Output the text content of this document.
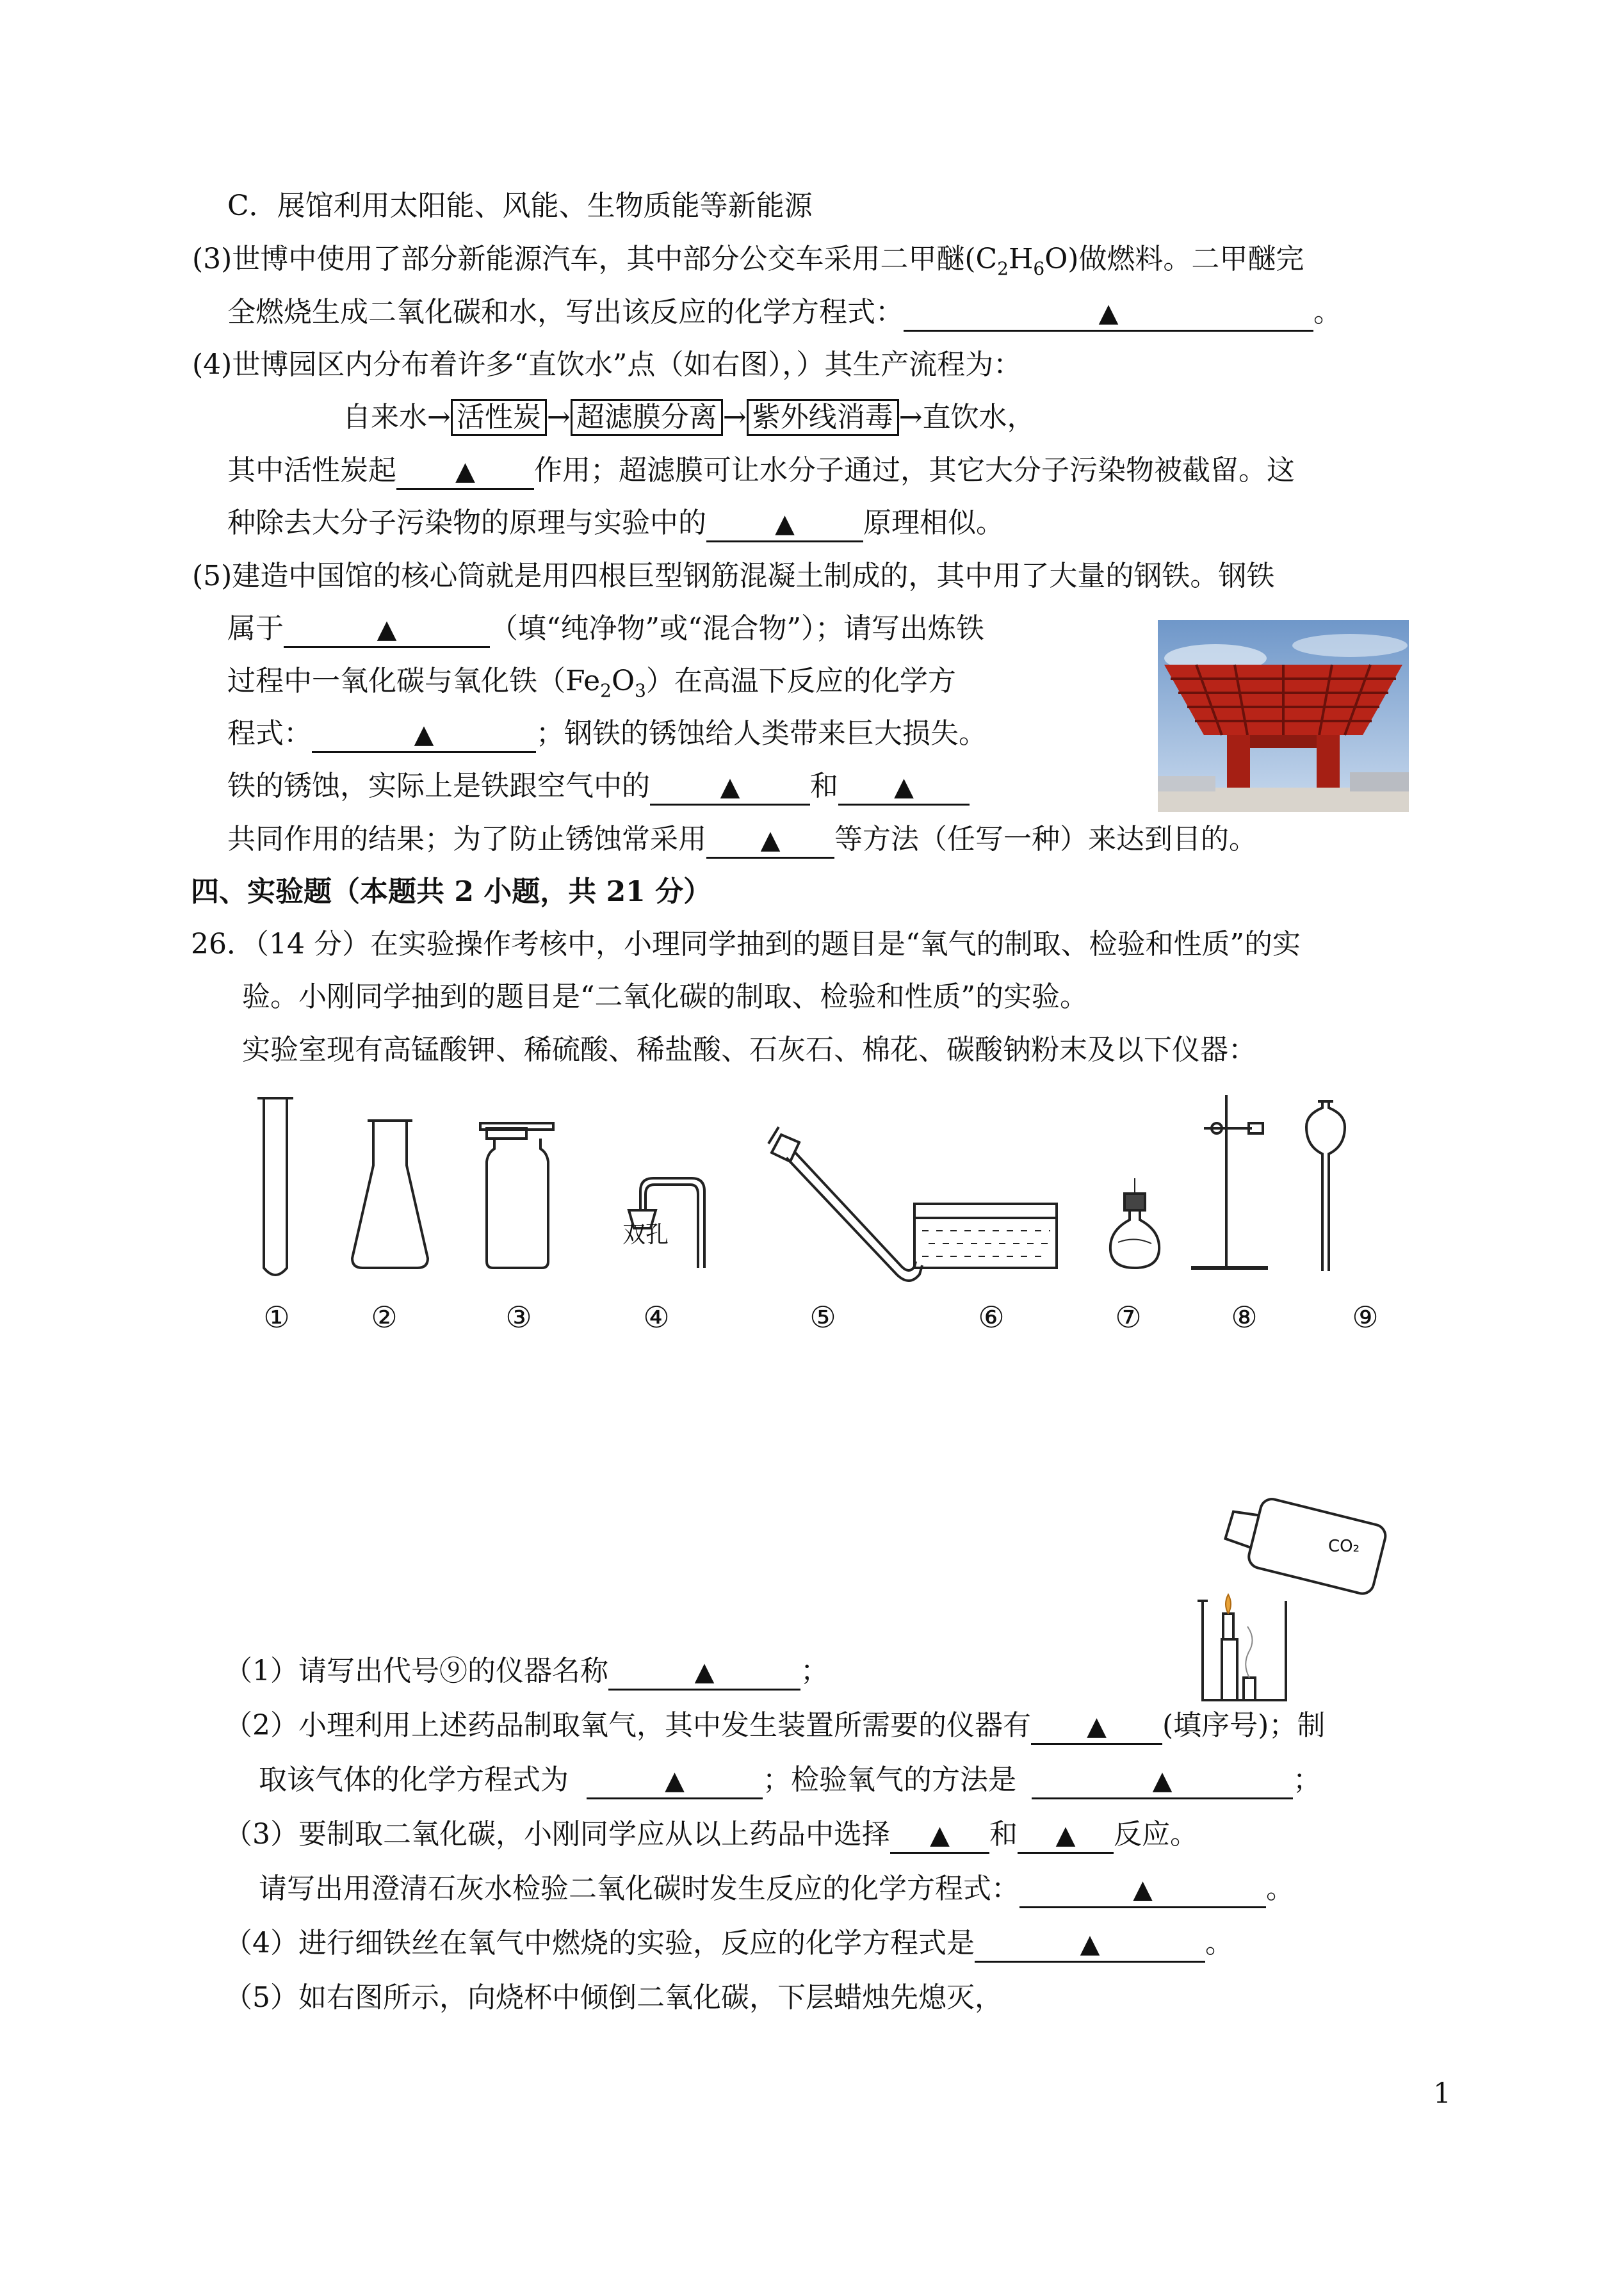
C．展馆利用太阳能、风能、生物质能等新能源
(3)世博中使用了部分新能源汽车，其中部分公交车采用二甲醚$(C_2H_6O)$做燃料。二甲醚完
全燃烧生成二氧化碳和水，写出该反应的化学方程式：	▲	。
(4)世博园区内分布着许多“直饮水”点（如右图），）其生产流程为：
自来水→ 活性炭 → 超滤膜分离 → 紫外线消毒 →直饮水，
其中活性炭起 ▲ 作用；超滤膜可让水分子通过，其它大分子污染物被截留。这
种除去大分子污染物的原理与实验中的	▲ 原理相似。
(5)建造中国馆的核心筒就是用四根巨型钢筋混凝土制成的，其中用了大量的钢铁。钢铁
属于	▲	（填“纯净物”或“混合物”）；请写出炼铁
过程中一氧化碳与氧化铁$(Fe_2O_3)$在高温下反应的化学方
程式：	▲	；钢铁的锈蚀给人类带来巨大损失。
铁的锈蚀，实际上是铁跟空气中的	▲ 和 ▲
共同作用的结果；为了防止锈蚀常采用 ▲ 等方法（任写一种）来达到目的。
四、实验题（本题共 2 小题，共 21 分）
26．（14 分）在实验操作考核中，小理同学抽到的题目是“氧气的制取、检验和性质”的实
验。小刚同学抽到的题目是“二氧化碳的制取、检验和性质”的实验。
实验室现有高锰酸钾、稀硫酸、稀盐酸、石灰石、棉花、碳酸钠粉末及以下仪器：
双孔
①	②	③	④	⑤	⑥	⑦	⑧	⑨
CO₂
（1）请写出代号⑨的仪器名称	▲	；
（2）小理利用上述药品制取氧气，其中发生装置所需要的仪器有 ▲ (填序号)；制
取该气体的化学方程式为	▲	；检验氧气的方法是	▲	；
（3）要制取二氧化碳，小刚同学应从以上药品中选择 ▲ 和 ▲ 反应。
请写出用澄清石灰水检验二氧化碳时发生反应的化学方程式：	▲	。
（4）进行细铁丝在氧气中燃烧的实验，反应的化学方程式是	▲	。
（5）如右图所示，向烧杯中倾倒二氧化碳，下层蜡烛先熄灭，
1
